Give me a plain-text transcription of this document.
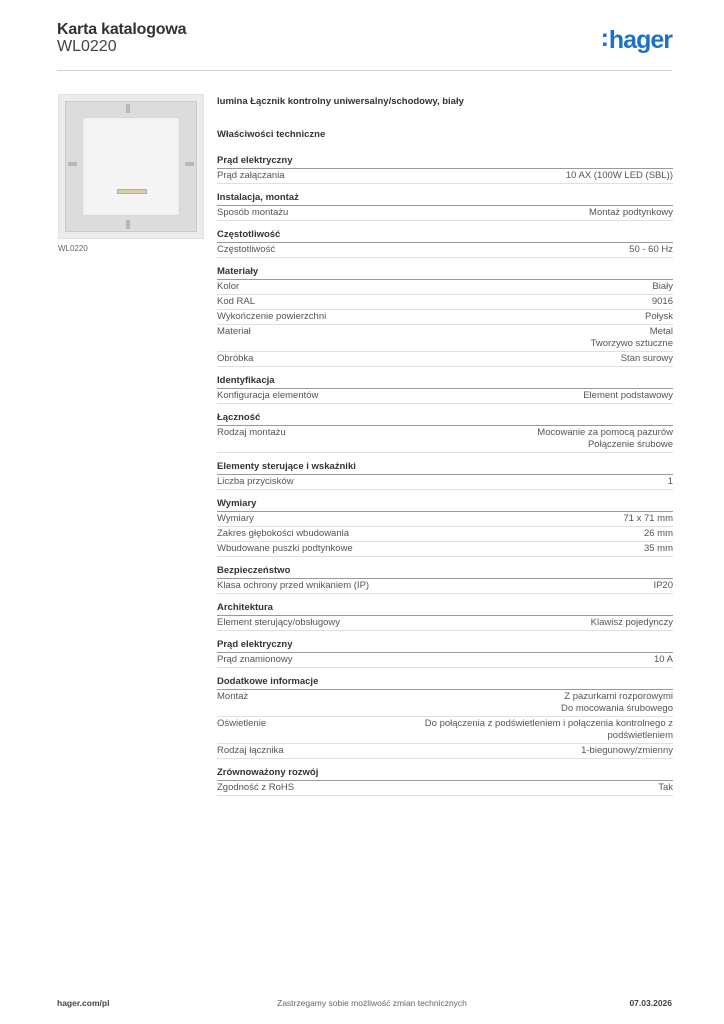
Karta katalogowa
WL0220	:hager
WL0220
lumina Łącznik kontrolny uniwersalny/schodowy, biały
Właściwości techniczne
Prąd elektryczny
Prąd załączania	10 AX (100W LED (SBL))
Instalacja, montaż
Sposób montażu	Montaż podtynkowy
Częstotliwość
Częstotliwość	50 - 60 Hz
Materiały
Kolor	Biały
Kod RAL	9016
Wykończenie powierzchni	Połysk
Materiał	Metal
Tworzywo sztuczne
Obróbka	Stan surowy
Identyfikacja
Konfiguracja elementów	Element podstawowy
Łączność
Rodzaj montażu	Mocowanie za pomocą pazurów
Połączenie śrubowe
Elementy sterujące i wskaźniki
Liczba przycisków	1
Wymiary
Wymiary	71 x 71 mm
Zakres głębokości wbudowania	26 mm
Wbudowane puszki podtynkowe	35 mm
Bezpieczeństwo
Klasa ochrony przed wnikaniem (IP)	IP20
Architektura
Element sterujący/obsługowy	Klawisz pojedynczy
Prąd elektryczny
Prąd znamionowy	10 A
Dodatkowe informacje
Montaż	Z pazurkami rozporowymi
Do mocowania śrubowego
Oświetlenie	Do połączenia z podświetleniem i połączenia kontrolnego z
podświetleniem
Rodzaj łącznika	1-biegunowy/zmienny
Zrównoważony rozwój
Zgodność z RoHS	Tak
hager.com/pl	Zastrzegamy sobie możliwość zmian technicznych	07.03.2026
